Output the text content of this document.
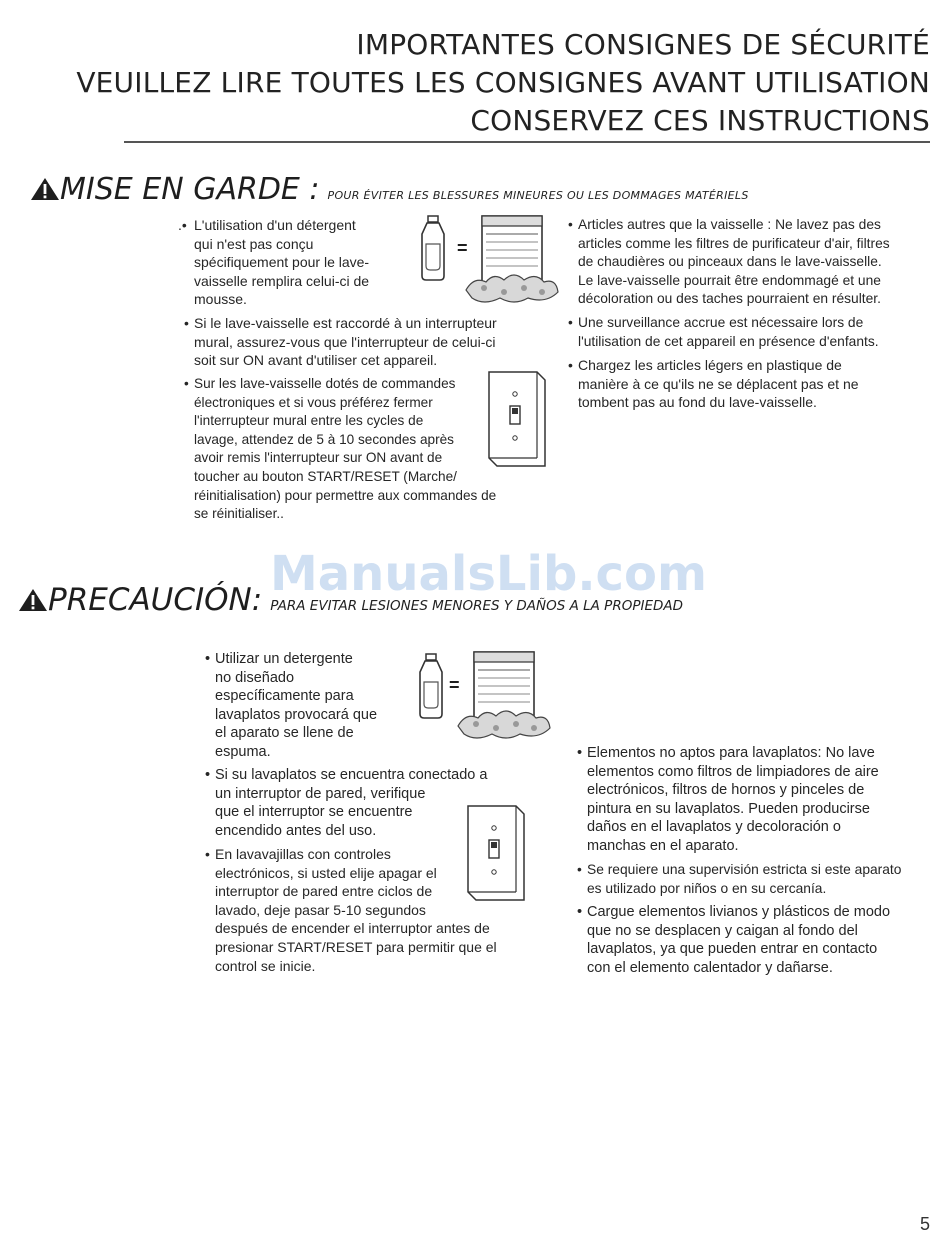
IMPORTANTES CONSIGNES DE SÉCURITÉ
VEUILLEZ LIRE TOUTES LES CONSIGNES AVANT UTILISATION
CONSERVEZ CES INSTRUCTIONS
MISE EN GARDE : POUR ÉVITER LES BLESSURES MINEURES OU LES DOMMAGES MATÉRIELS
.• L'utilisation d'un détergent
qui n'est pas conçu
spécifiquement pour le lave-
vaisselle remplira celui-ci de
mousse.
=
• Si le lave-vaisselle est raccordé à un interrupteur
mural, assurez-vous que l'interrupteur de celui-ci
soit sur ON avant d'utiliser cet appareil.
• Sur les lave-vaisselle dotés de commandes
électroniques et si vous préférez fermer
l'interrupteur mural entre les cycles de
lavage, attendez de 5 à 10 secondes après
avoir remis l'interrupteur sur ON avant de
toucher au bouton START/RESET (Marche/
réinitialisation) pour permettre aux commandes de
se réinitialiser..
• Articles autres que la vaisselle : Ne lavez pas des
articles comme les filtres de purificateur d'air, filtres
de chaudières ou pinceaux dans le lave-vaisselle.
Le lave-vaisselle pourrait être endommagé et une
décoloration ou des taches pourraient en résulter.
• Une surveillance accrue est nécessaire lors de
l'utilisation de cet appareil en présence d'enfants.
• Chargez les articles légers en plastique de
manière à ce qu'ils ne se déplacent pas et ne
tombent pas au fond du lave-vaisselle.
ManualsLib.com
PRECAUCIÓN: PARA EVITAR LESIONES MENORES Y DAÑOS A LA PROPIEDAD
• Utilizar un detergente
no diseñado
específicamente para
lavaplatos provocará que
el aparato se llene de
espuma.
=
• Si su lavaplatos se encuentra conectado a
un interruptor de pared, verifique
que el interruptor se encuentre
encendido antes del uso.
• En lavavajillas con controles
electrónicos, si usted elije apagar el
interruptor de pared entre ciclos de
lavado, deje pasar 5-10 segundos
después de encender el interruptor antes de
presionar START/RESET para permitir que el
control se inicie.
• Elementos no aptos para lavaplatos: No lave
elementos como filtros de limpiadores de aire
electrónicos, filtros de hornos y pinceles de
pintura en su lavaplatos. Pueden producirse
daños en el lavaplatos y decoloración o
manchas en el aparato.
• Se requiere una supervisión estricta si este aparato
es utilizado por niños o en su cercanía.
• Cargue elementos livianos y plásticos de modo
que no se desplacen y caigan al fondo del
lavaplatos, ya que pueden entrar en contacto
con el elemento calentador y dañarse.
5
